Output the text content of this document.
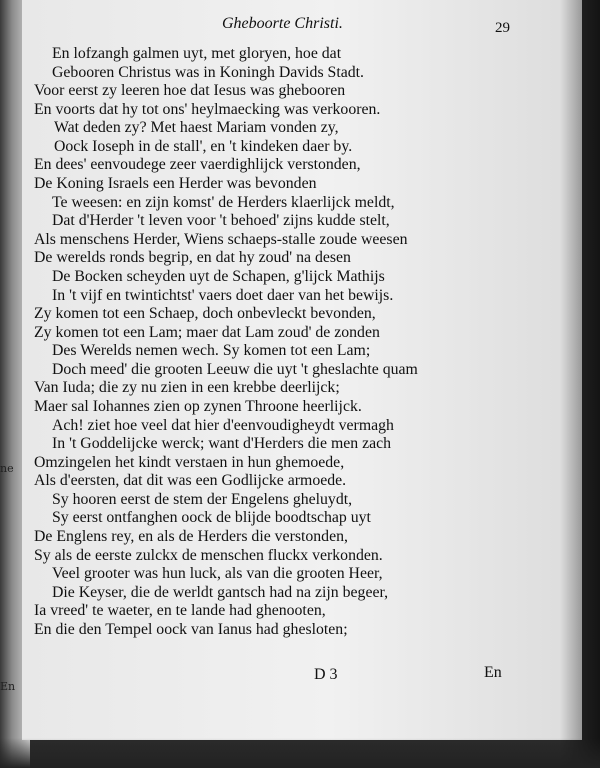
ne
En
Gheboorte Christi.	29
En lofzangh galmen uyt, met gloryen, hoe dat
Gebooren Christus was in Koningh Davids Stadt.
Voor eerst zy leeren hoe dat Iesus was ghebooren
En voorts dat hy tot ons' heylmaecking was verkooren.
Wat deden zy? Met haest Mariam vonden zy,
Oock Ioseph in de stall', en 't kindeken daer by.
En dees' eenvoudege zeer vaerdighlijck verstonden,
De Koning Israels een Herder was bevonden
Te weesen: en zijn komst' de Herders klaerlijck meldt,
Dat d'Herder 't leven voor 't behoed' zijns kudde stelt,
Als menschens Herder, Wiens schaeps-stalle zoude weesen
De werelds ronds begrip, en dat hy zoud' na desen
De Bocken scheyden uyt de Schapen, g'lijck Mathijs
In 't vijf en twintichtst' vaers doet daer van het bewijs.
Zy komen tot een Schaep, doch onbevleckt bevonden,
Zy komen tot een Lam; maer dat Lam zoud' de zonden
Des Werelds nemen wech. Sy komen tot een Lam;
Doch meed' die grooten Leeuw die uyt 't gheslachte quam
Van Iuda; die zy nu zien in een krebbe deerlijck;
Maer sal Iohannes zien op zynen Throone heerlijck.
Ach! ziet hoe veel dat hier d'eenvoudigheydt vermagh
In 't Goddelijcke werck; want d'Herders die men zach
Omzingelen het kindt verstaen in hun ghemoede,
Als d'eersten, dat dit was een Godlijcke armoede.
Sy hooren eerst de stem der Engelens gheluydt,
Sy eerst ontfanghen oock de blijde boodtschap uyt
De Englens rey, en als de Herders die verstonden,
Sy als de eerste zulckx de menschen fluckx verkonden.
Veel grooter was hun luck, als van die grooten Heer,
Die Keyser, die de werldt gantsch had na zijn begeer,
Ia vreed' te waeter, en te lande had ghenooten,
En die den Tempel oock van Ianus had ghesloten;
D 3	En
